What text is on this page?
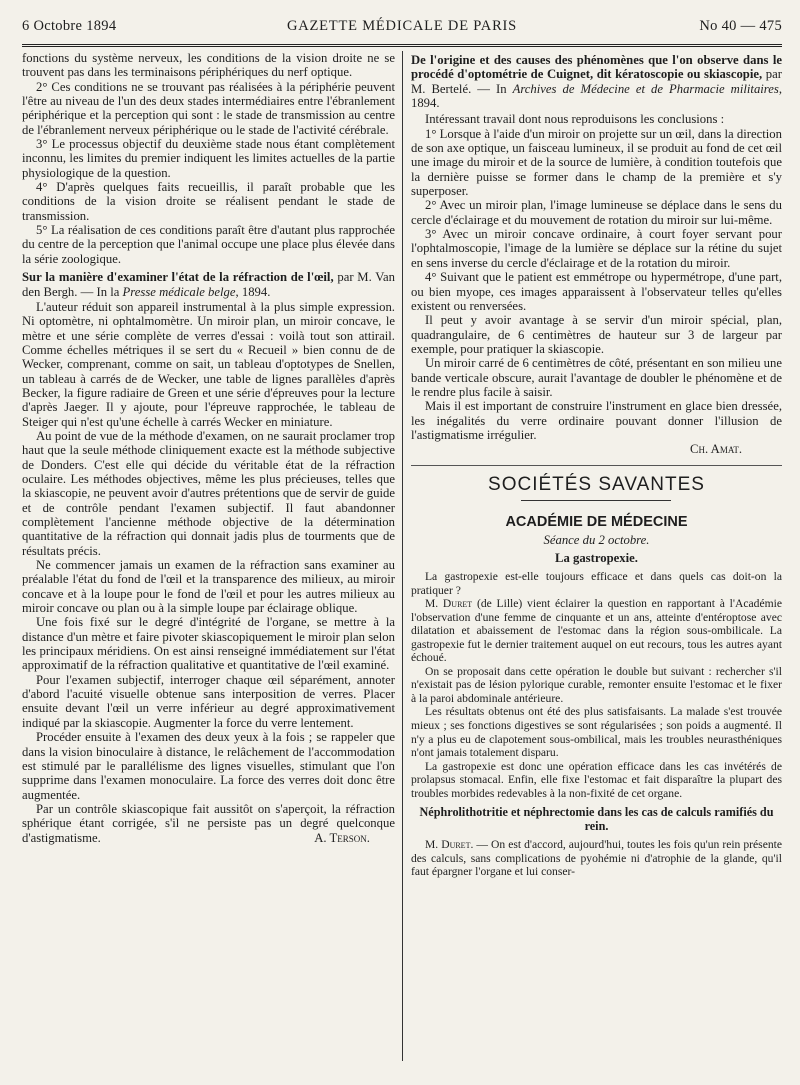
6 Octobre 1894	GAZETTE MÉDICALE DE PARIS	No 40 — 475

fonctions du système nerveux, les conditions de la vision droite ne se trouvent pas dans les terminaisons périphériques du nerf optique.

2° Ces conditions ne se trouvant pas réalisées à la périphérie peuvent l'être au niveau de l'un des deux stades intermédiaires entre l'ébranlement périphérique et la perception qui sont : le stade de transmission au centre de l'ébranlement nerveux périphérique ou le stade de l'activité cérébrale.

3° Le processus objectif du deuxième stade nous étant complètement inconnu, les limites du premier indiquent les limites actuelles de la partie physiologique de la question.

4° D'après quelques faits recueillis, il paraît probable que les conditions de la vision droite se réalisent pendant le stade de transmission.

5° La réalisation de ces conditions paraît être d'autant plus rapprochée du centre de la perception que l'animal occupe une place plus élevée dans la série zoologique.

Sur la manière d'examiner l'état de la réfraction de l'œil, par M. Van den Bergh. — In la Presse médicale belge, 1894.

L'auteur réduit son appareil instrumental à la plus simple expression. Ni optomètre, ni ophtalmomètre. Un miroir plan, un miroir concave, le mètre et une série complète de verres d'essai : voilà tout son attirail. Comme échelles métriques il se sert du « Recueil » bien connu de de Wecker, comprenant, comme on sait, un tableau d'optotypes de Snellen, un tableau à carrés de de Wecker, une table de lignes parallèles d'après Becker, la figure radiaire de Green et une série d'épreuves pour la lecture d'après Jaeger. Il y ajoute, pour l'épreuve rapprochée, le tableau de Steiger qui n'est qu'une échelle à carrés Wecker en miniature.

Au point de vue de la méthode d'examen, on ne saurait proclamer trop haut que la seule méthode cliniquement exacte est la méthode subjective de Donders. C'est elle qui décide du véritable état de la réfraction oculaire. Les méthodes objectives, même les plus précieuses, telles que la skiascopie, ne peuvent avoir d'autres prétentions que de servir de guide et de contrôle pendant l'examen subjectif. Il faut abandonner complètement l'ancienne méthode objective de la détermination quantitative de la réfraction qui donnait jadis plus de tourments que de résultats précis.

Ne commencer jamais un examen de la réfraction sans examiner au préalable l'état du fond de l'œil et la transparence des milieux, au miroir concave et à la loupe pour le fond de l'œil et pour les autres milieux au miroir concave ou plan ou à la simple loupe par éclairage oblique.

Une fois fixé sur le degré d'intégrité de l'organe, se mettre à la distance d'un mètre et faire pivoter skiascopiquement le miroir plan selon les principaux méridiens. On est ainsi renseigné immédiatement sur l'état approximatif de la réfraction qualitative et quantitative de l'œil examiné.

Pour l'examen subjectif, interroger chaque œil séparément, annoter d'abord l'acuité visuelle obtenue sans interposition de verres. Placer ensuite devant l'œil un verre inférieur au degré approximativement indiqué par la skiascopie. Augmenter la force du verre lentement.

Procéder ensuite à l'examen des deux yeux à la fois ; se rappeler que dans la vision binoculaire à distance, le relâchement de l'accommodation est stimulé par le parallélisme des lignes visuelles, stimulant que l'on supprime dans l'examen monoculaire. La force des verres doit donc être augmentée.

Par un contrôle skiascopique fait aussitôt on s'aperçoit, la réfraction sphérique étant corrigée, s'il ne persiste pas un degré quelconque d'astigmatisme.	A. Terson.

De l'origine et des causes des phénomènes que l'on observe dans le procédé d'optométrie de Cuignet, dit kératoscopie ou skiascopie, par M. Bertelé. — In Archives de Médecine et de Pharmacie militaires, 1894.

Intéressant travail dont nous reproduisons les conclusions :

1° Lorsque à l'aide d'un miroir on projette sur un œil, dans la direction de son axe optique, un faisceau lumineux, il se produit au fond de cet œil une image du miroir et de la source de lumière, à condition toutefois que la dernière puisse se former dans le champ de la première et s'y superposer.

2° Avec un miroir plan, l'image lumineuse se déplace dans le sens du cercle d'éclairage et du mouvement de rotation du miroir sur lui-même.

3° Avec un miroir concave ordinaire, à court foyer servant pour l'ophtalmoscopie, l'image de la lumière se déplace sur la rétine du sujet en sens inverse du cercle d'éclairage et de la rotation du miroir.

4° Suivant que le patient est emmétrope ou hypermétrope, d'une part, ou bien myope, ces images apparaissent à l'observateur telles qu'elles existent ou renversées.

Il peut y avoir avantage à se servir d'un miroir spécial, plan, quadrangulaire, de 6 centimètres de hauteur sur 3 de largeur par exemple, pour pratiquer la skiascopie.

Un miroir carré de 6 centimètres de côté, présentant en son milieu une bande verticale obscure, aurait l'avantage de doubler le phénomène et de le rendre plus facile à saisir.

Mais il est important de construire l'instrument en glace bien dressée, les inégalités du verre ordinaire pouvant donner l'illusion de l'astigmatisme irrégulier.

Ch. Amat.

SOCIÉTÉS SAVANTES

ACADÉMIE DE MÉDECINE

Séance du 2 octobre.

La gastropexie.

La gastropexie est-elle toujours efficace et dans quels cas doit-on la pratiquer ?

M. Duret (de Lille) vient éclairer la question en rapportant à l'Académie l'observation d'une femme de cinquante et un ans, atteinte d'entéroptose avec dilatation et abaissement de l'estomac dans la région sous-ombilicale. La gastropexie fut le dernier traitement auquel on eut recours, tous les autres ayant échoué.

On se proposait dans cette opération le double but suivant : rechercher s'il n'existait pas de lésion pylorique curable, remonter ensuite l'estomac et le fixer à la paroi abdominale antérieure.

Les résultats obtenus ont été des plus satisfaisants. La malade s'est trouvée mieux ; ses fonctions digestives se sont régularisées ; son poids a augmenté. Il n'y a plus eu de clapotement sous-ombilical, mais les troubles neurasthéniques n'ont jamais totalement disparu.

La gastropexie est donc une opération efficace dans les cas invétérés de prolapsus stomacal. Enfin, elle fixe l'estomac et fait disparaître la plupart des troubles morbides redevables à la non-fixité de cet organe.

Néphrolithotritie et néphrectomie dans les cas de calculs ramifiés du rein.

M. Duret. — On est d'accord, aujourd'hui, toutes les fois qu'un rein présente des calculs, sans complications de pyohémie ni d'atrophie de la glande, qu'il faut épargner l'organe et lui conser-
